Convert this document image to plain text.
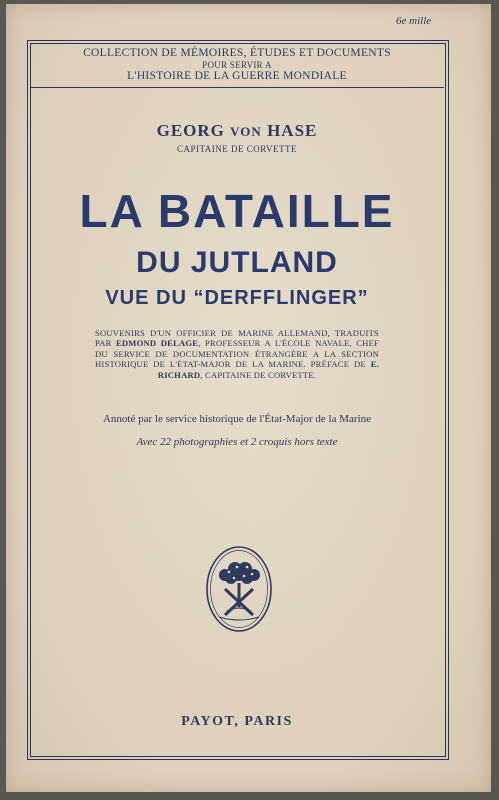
6e mille
COLLECTION DE MÉMOIRES, ÉTUDES ET DOCUMENTS
POUR SERVIR A
L'HISTOIRE DE LA GUERRE MONDIALE
GEORG VON HASE
CAPITAINE DE CORVETTE
LA BATAILLE
DU JUTLAND
VUE DU “DERFFLINGER”
SOUVENIRS D'UN OFFICIER DE MARINE ALLEMAND, TRADUITS PAR EDMOND DELAGE, PROFESSEUR A L'ÉCOLE NAVALE, CHEF DU SERVICE DE DOCUMENTATION ÉTRANGÈRE A LA SECTION HISTORIQUE DE L'ÉTAT-MAJOR DE LA MARINE. PRÉFACE DE E. RICHARD, CAPITAINE DE CORVETTE.
Annoté par le service historique de l'État-Major de la Marine
Avec 22 photographies et 2 croquis hors texte
PAYOT, PARIS
